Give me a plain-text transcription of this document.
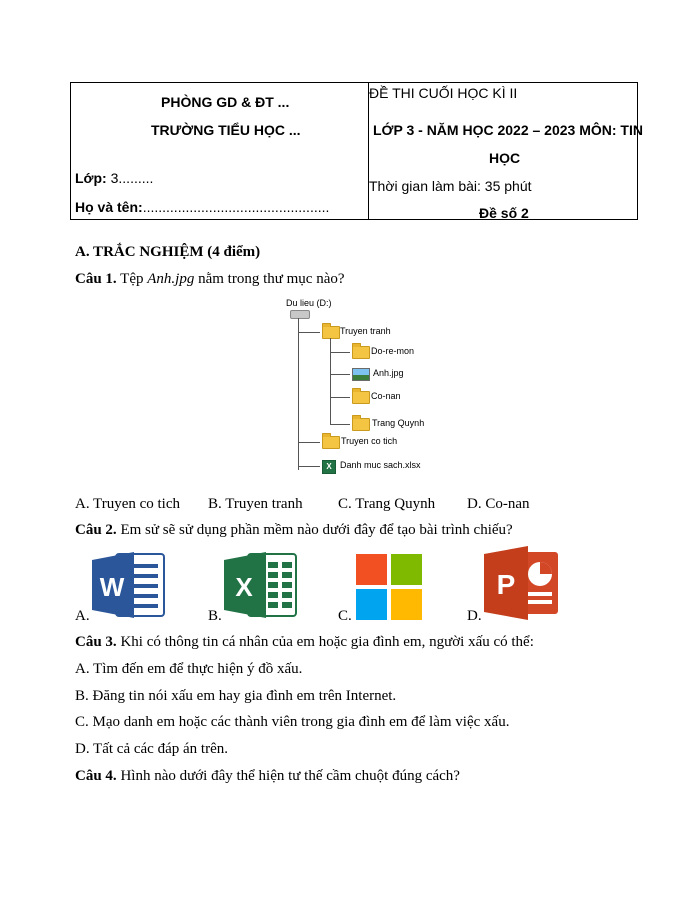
PHÒNG GD & ĐT ...
TRƯỜNG TIỂU HỌC ...
Lớp: 3.........
Họ và tên:................................................
ĐỀ THI CUỐI HỌC KÌ II
LỚP 3 - NĂM HỌC 2022 – 2023 MÔN: TIN
HỌC
Thời gian làm bài: 35 phút
Đề số 2
A. TRẮC NGHIỆM (4 điểm)
Câu 1. Tệp Anh.jpg nằm trong thư mục nào?
Du lieu (D:)
Truyen tranh
Do-re-mon
Anh.jpg
Co-nan
Trang Quynh
Truyen co tich
X Danh muc sach.xlsx
A. Truyen co tich B. Truyen tranh C. Trang Quynh D. Co-nan
Câu 2. Em sử sẽ sử dụng phần mềm nào dưới đây để tạo bài trình chiếu?
A.
W
B.
X
C.	D.
P
Câu 3. Khi có thông tin cá nhân của em hoặc gia đình em, người xấu có thể:
A. Tìm đến em để thực hiện ý đồ xấu.
B. Đăng tin nói xấu em hay gia đình em trên Internet.
C. Mạo danh em hoặc các thành viên trong gia đình em để làm việc xấu.
D. Tất cả các đáp án trên.
Câu 4. Hình nào dưới đây thể hiện tư thế cầm chuột đúng cách?
